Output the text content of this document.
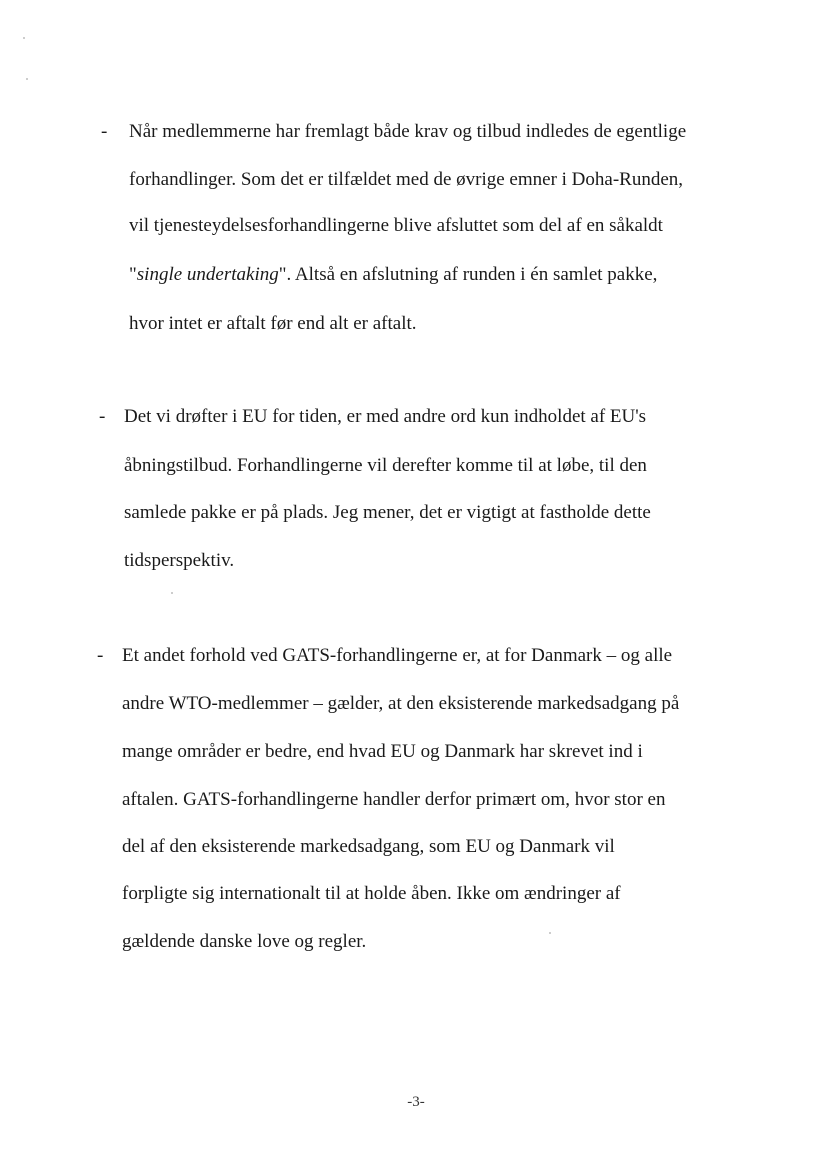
- Når medlemmerne har fremlagt både krav og tilbud indledes de egentlige
forhandlinger. Som det er tilfældet med de øvrige emner i Doha-Runden,
vil tjenesteydelsesforhandlingerne blive afsluttet som del af en såkaldt
"single undertaking". Altså en afslutning af runden i én samlet pakke,
hvor intet er aftalt før end alt er aftalt.
- Det vi drøfter i EU for tiden, er med andre ord kun indholdet af EU's
åbningstilbud. Forhandlingerne vil derefter komme til at løbe, til den
samlede pakke er på plads. Jeg mener, det er vigtigt at fastholde dette
tidsperspektiv.
- Et andet forhold ved GATS-forhandlingerne er, at for Danmark – og alle
andre WTO-medlemmer – gælder, at den eksisterende markedsadgang på
mange områder er bedre, end hvad EU og Danmark har skrevet ind i
aftalen. GATS-forhandlingerne handler derfor primært om, hvor stor en
del af den eksisterende markedsadgang, som EU og Danmark vil
forpligte sig internationalt til at holde åben. Ikke om ændringer af
gældende danske love og regler.
-3-
